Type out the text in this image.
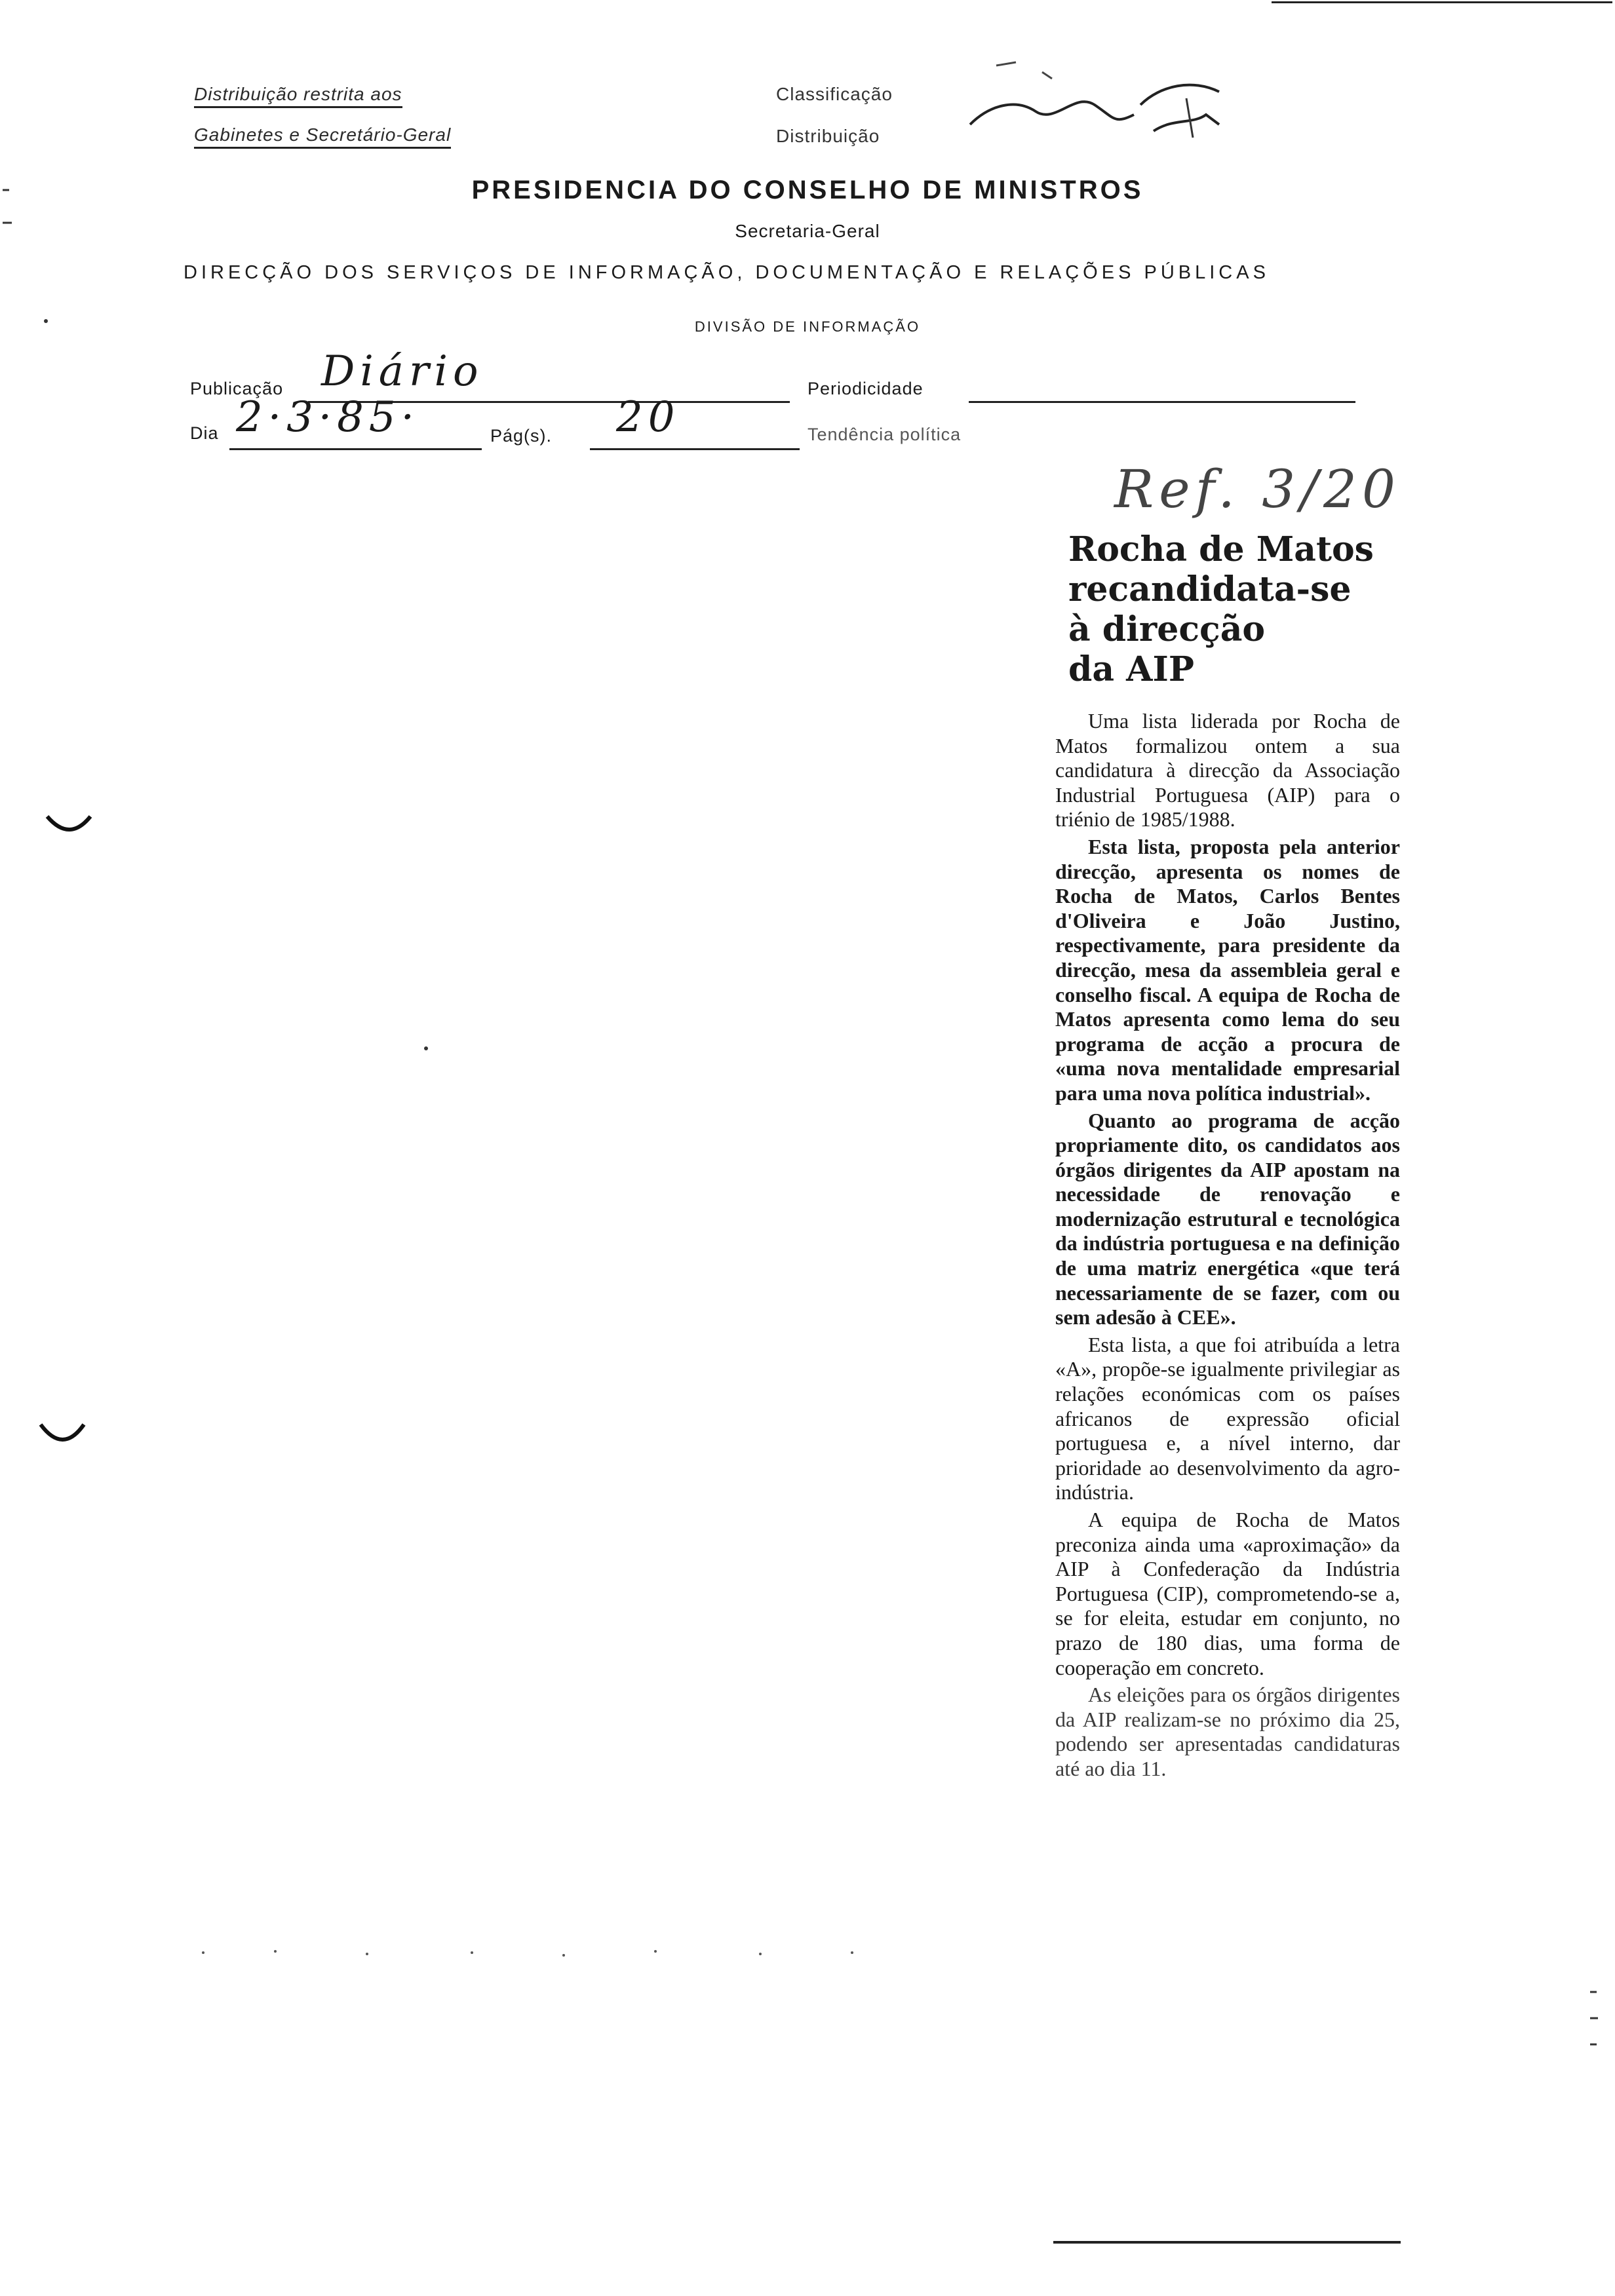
Distribuição restrita aos
Gabinetes e Secretário-Geral
Classificação
Distribuição
PRESIDENCIA DO CONSELHO DE MINISTROS
Secretaria-Geral
DIRECÇÃO DOS SERVIÇOS DE INFORMAÇÃO, DOCUMENTAÇÃO E RELAÇÕES PÚBLICAS
DIVISÃO DE INFORMAÇÃO
Publicação Diário	Periodicidade
Dia 2·3·85·	Pág(s). 20	Tendência política
Ref. 3/20
Rocha de Matos
recandidata-se
à direcção
da AIP

Uma lista liderada por Rocha de Matos formalizou ontem a sua candidatura à direcção da Associação Industrial Portuguesa (AIP) para o triénio de 1985/1988.

Esta lista, proposta pela anterior direcção, apresenta os nomes de Rocha de Matos, Carlos Bentes d'Oliveira e João Justino, respectivamente, para presidente da direcção, mesa da assembleia geral e conselho fiscal. A equipa de Rocha de Matos apresenta como lema do seu programa de acção a procura de «uma nova mentalidade empresarial para uma nova política industrial».

Quanto ao programa de acção propriamente dito, os candidatos aos órgãos dirigentes da AIP apostam na necessidade de renovação e modernização estrutural e tecnológica da indústria portuguesa e na definição de uma matriz energética «que terá necessariamente de se fazer, com ou sem adesão à CEE».

Esta lista, a que foi atribuída a letra «A», propõe-se igualmente privilegiar as relações económicas com os países africanos de expressão oficial portuguesa e, a nível interno, dar prioridade ao desenvolvimento da agro-indústria.

A equipa de Rocha de Matos preconiza ainda uma «aproximação» da AIP à Confederação da Indústria Portuguesa (CIP), comprometendo-se a, se for eleita, estudar em conjunto, no prazo de 180 dias, uma forma de cooperação em concreto.

As eleições para os órgãos dirigentes da AIP realizam-se no próximo dia 25, podendo ser apresentadas candidaturas até ao dia 11.
